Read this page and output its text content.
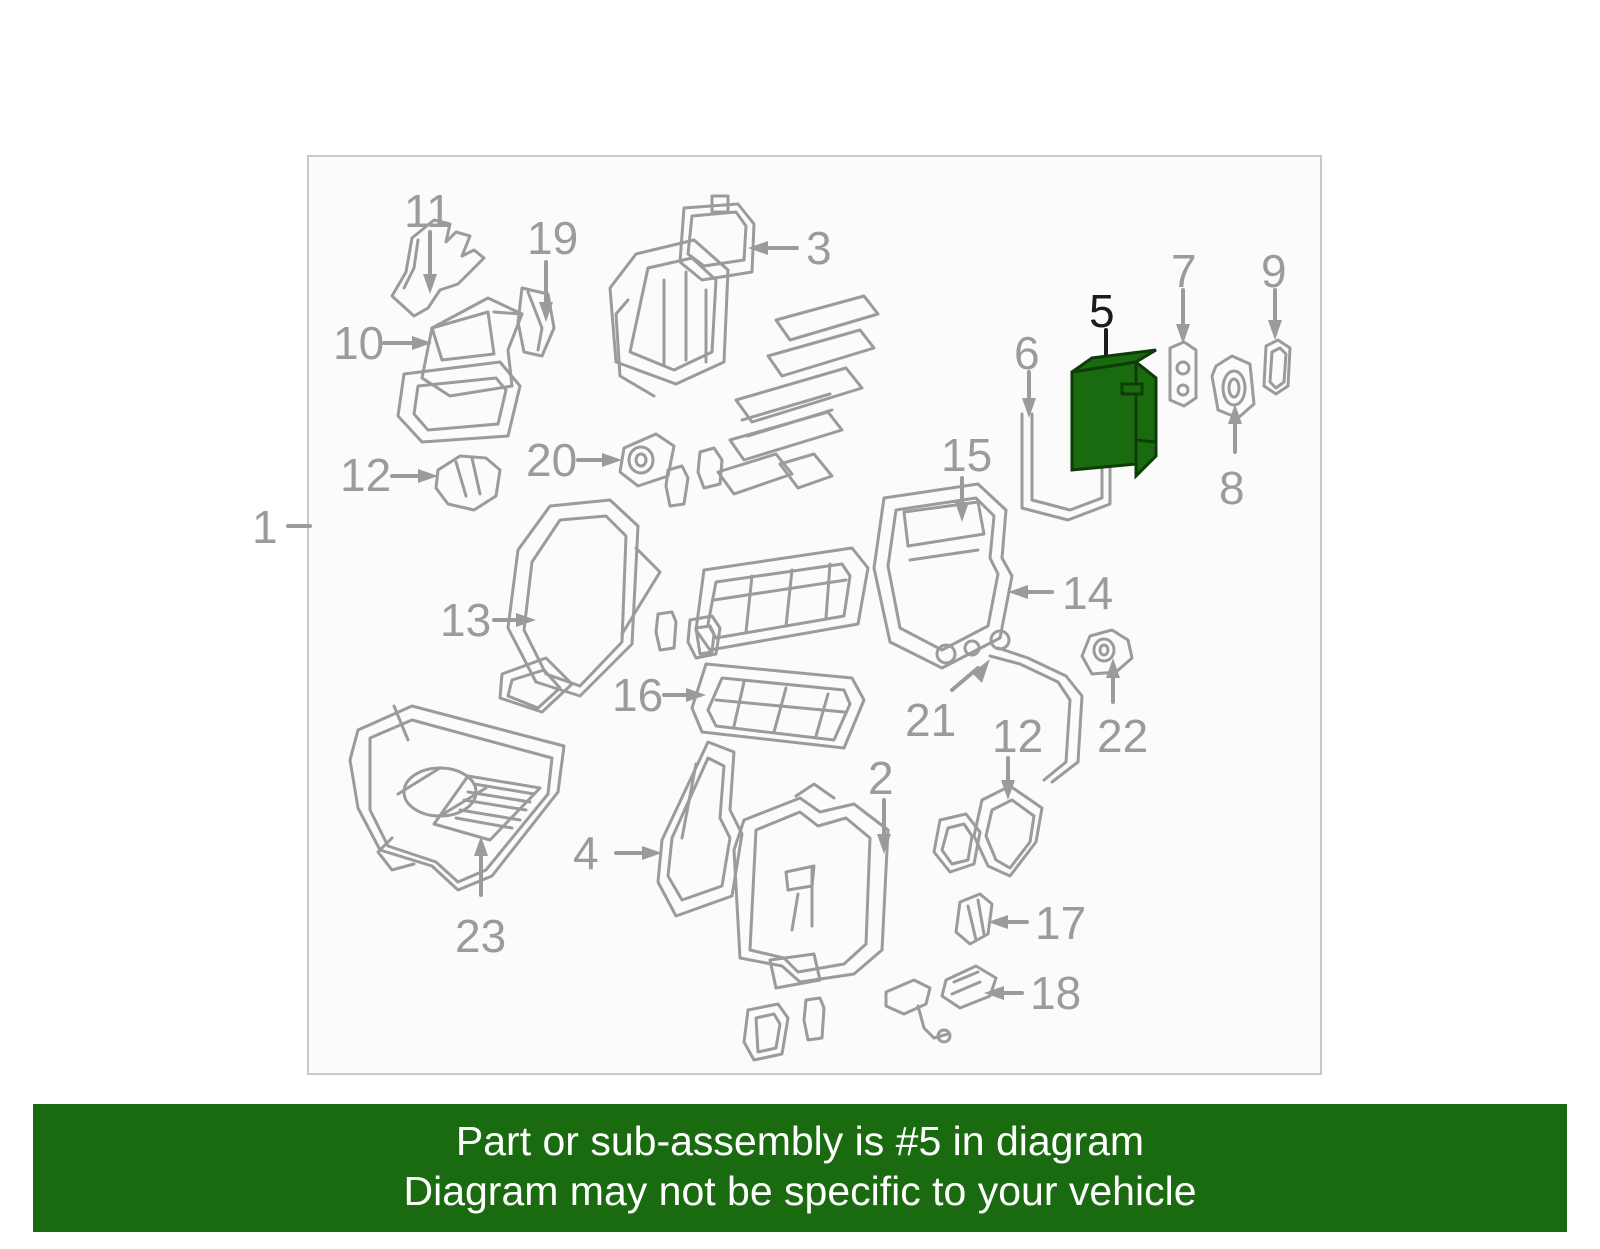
1
11
19	3
10
12	20
13
16
23
4
2
15
14
21 12 22
17
18
6
5
7 9
8
Part or sub-assembly is #5 in diagram
Diagram may not be specific to your vehicle
